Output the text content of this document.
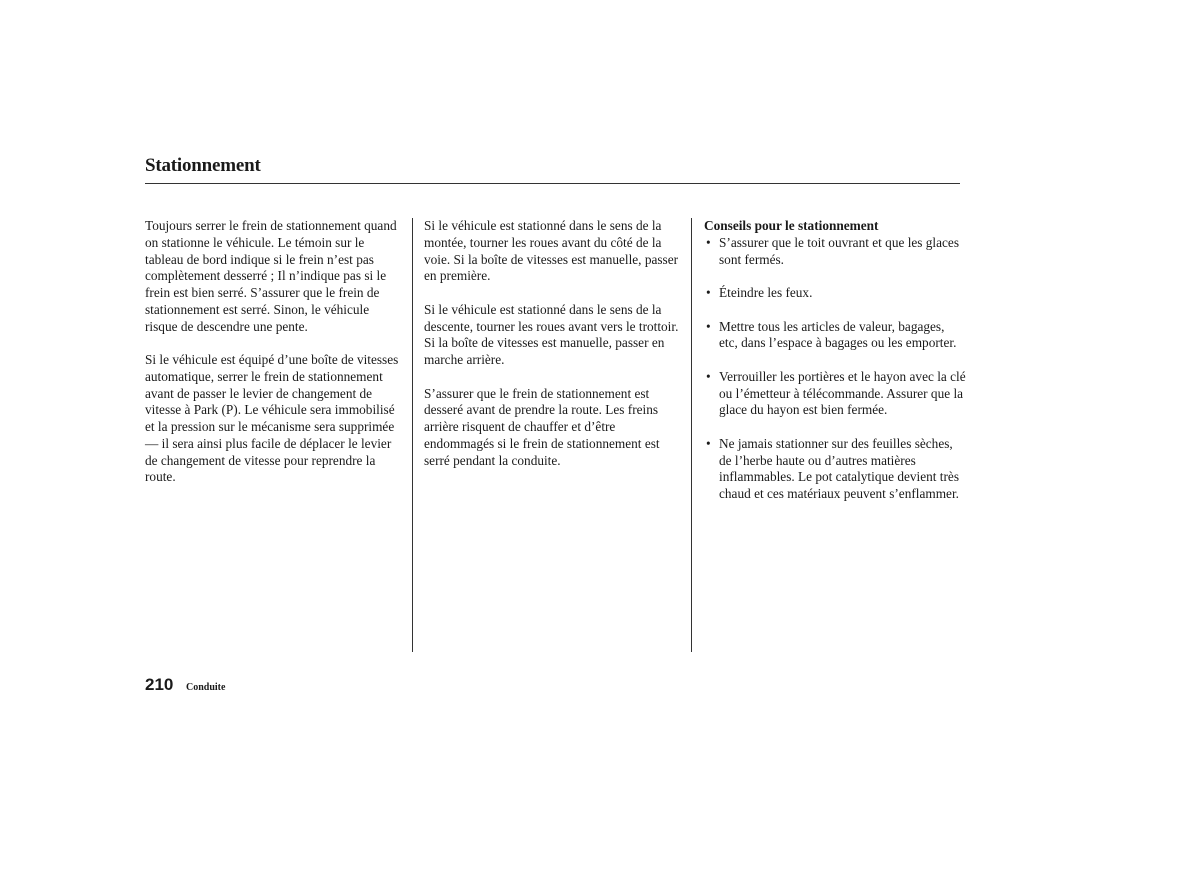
Stationnement

Toujours serrer le frein de stationnement quand on stationne le véhicule. Le témoin sur le tableau de bord indique si le frein n’est pas complètement desserré ; Il n’indique pas si le frein est bien serré. S’assurer que le frein de stationnement est serré. Sinon, le véhicule risque de descendre une pente.

Si le véhicule est équipé d’une boîte de vitesses automatique, serrer le frein de stationnement avant de passer le levier de changement de vitesse à Park (P). Le véhicule sera immobilisé et la pression sur le mécanisme sera supprimée — il sera ainsi plus facile de déplacer le levier de changement de vitesse pour reprendre la route.

Si le véhicule est stationné dans le sens de la montée, tourner les roues avant du côté de la voie. Si la boîte de vitesses est manuelle, passer en première.

Si le véhicule est stationné dans le sens de la descente, tourner les roues avant vers le trottoir. Si la boîte de vitesses est manuelle, passer en marche arrière.

S’assurer que le frein de stationnement est desseré avant de prendre la route. Les freins arrière risquent de chauffer et d’être endommagés si le frein de stationnement est serré pendant la conduite.

Conseils pour le stationnement
• S’assurer que le toit ouvrant et que les glaces sont fermés.
• Éteindre les feux.
• Mettre tous les articles de valeur, bagages, etc, dans l’espace à bagages ou les emporter.
• Verrouiller les portières et le hayon avec la clé ou l’émetteur à télécommande. Assurer que la glace du hayon est bien fermée.
• Ne jamais stationner sur des feuilles sèches, de l’herbe haute ou d’autres matières inflammables. Le pot catalytique devient très chaud et ces matériaux peuvent s’enflammer.
210 Conduite
